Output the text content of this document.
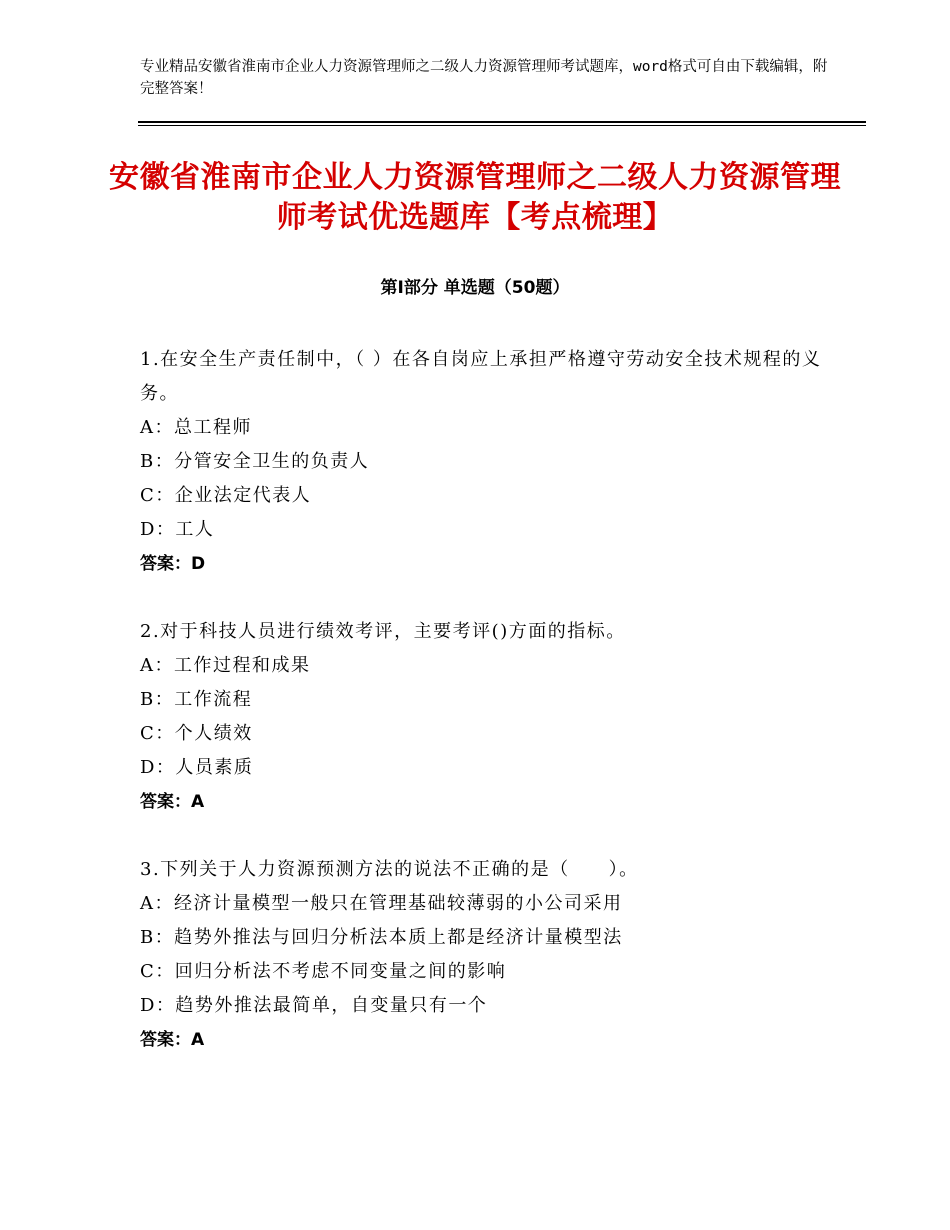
专业精品安徽省淮南市企业人力资源管理师之二级人力资源管理师考试题库，word格式可自由下载编辑，附完整答案！
安徽省淮南市企业人力资源管理师之二级人力资源管理师考试优选题库【考点梳理】
第Ⅰ部分 单选题（50题）
1.在安全生产责任制中，（ ）在各自岗应上承担严格遵守劳动安全技术规程的义务。
A：总工程师
B：分管安全卫生的负责人
C：企业法定代表人
D：工人
答案：D
2.对于科技人员进行绩效考评，主要考评()方面的指标。
A：工作过程和成果
B：工作流程
C：个人绩效
D：人员素质
答案：A
3.下列关于人力资源预测方法的说法不正确的是（　　）。
A：经济计量模型一般只在管理基础较薄弱的小公司采用
B：趋势外推法与回归分析法本质上都是经济计量模型法
C：回归分析法不考虑不同变量之间的影响
D：趋势外推法最简单，自变量只有一个
答案：A
